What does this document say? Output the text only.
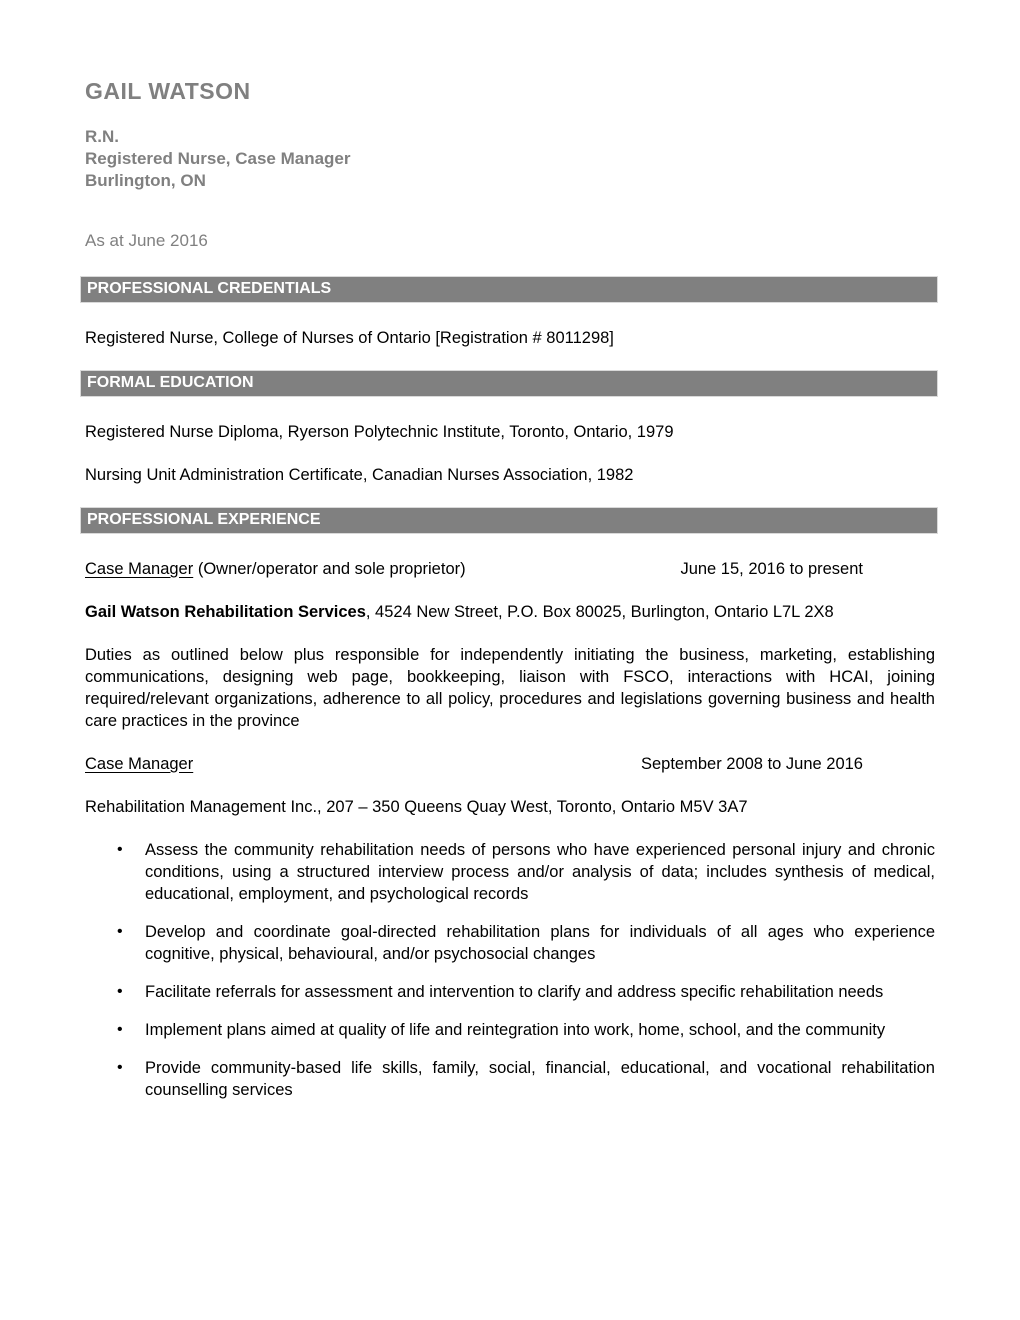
GAIL WATSON
R.N.
Registered Nurse, Case Manager
Burlington, ON

As at June 2016

PROFESSIONAL CREDENTIALS

Registered Nurse, College of Nurses of Ontario [Registration # 8011298]

FORMAL EDUCATION

Registered Nurse Diploma, Ryerson Polytechnic Institute, Toronto, Ontario, 1979

Nursing Unit Administration Certificate, Canadian Nurses Association, 1982

PROFESSIONAL EXPERIENCE
Case Manager (Owner/operator and sole proprietor)	June 15, 2016 to present

Gail Watson Rehabilitation Services, 4524 New Street, P.O. Box 80025, Burlington, Ontario L7L 2X8

Duties as outlined below plus responsible for independently initiating the business, marketing, establishing communications, designing web page, bookkeeping, liaison with FSCO, interactions with HCAI, joining required/relevant organizations, adherence to all policy, procedures and legislations governing business and health care practices in the province

Case Manager	September 2008 to June 2016

Rehabilitation Management Inc., 207 – 350 Queens Quay West, Toronto, Ontario M5V 3A7

• Assess the community rehabilitation needs of persons who have experienced personal injury and chronic conditions, using a structured interview process and/or analysis of data; includes synthesis of medical, educational, employment, and psychological records
• Develop and coordinate goal-directed rehabilitation plans for individuals of all ages who experience cognitive, physical, behavioural, and/or psychosocial changes
• Facilitate referrals for assessment and intervention to clarify and address specific rehabilitation needs
• Implement plans aimed at quality of life and reintegration into work, home, school, and the community
• Provide community-based life skills, family, social, financial, educational, and vocational rehabilitation counselling services
